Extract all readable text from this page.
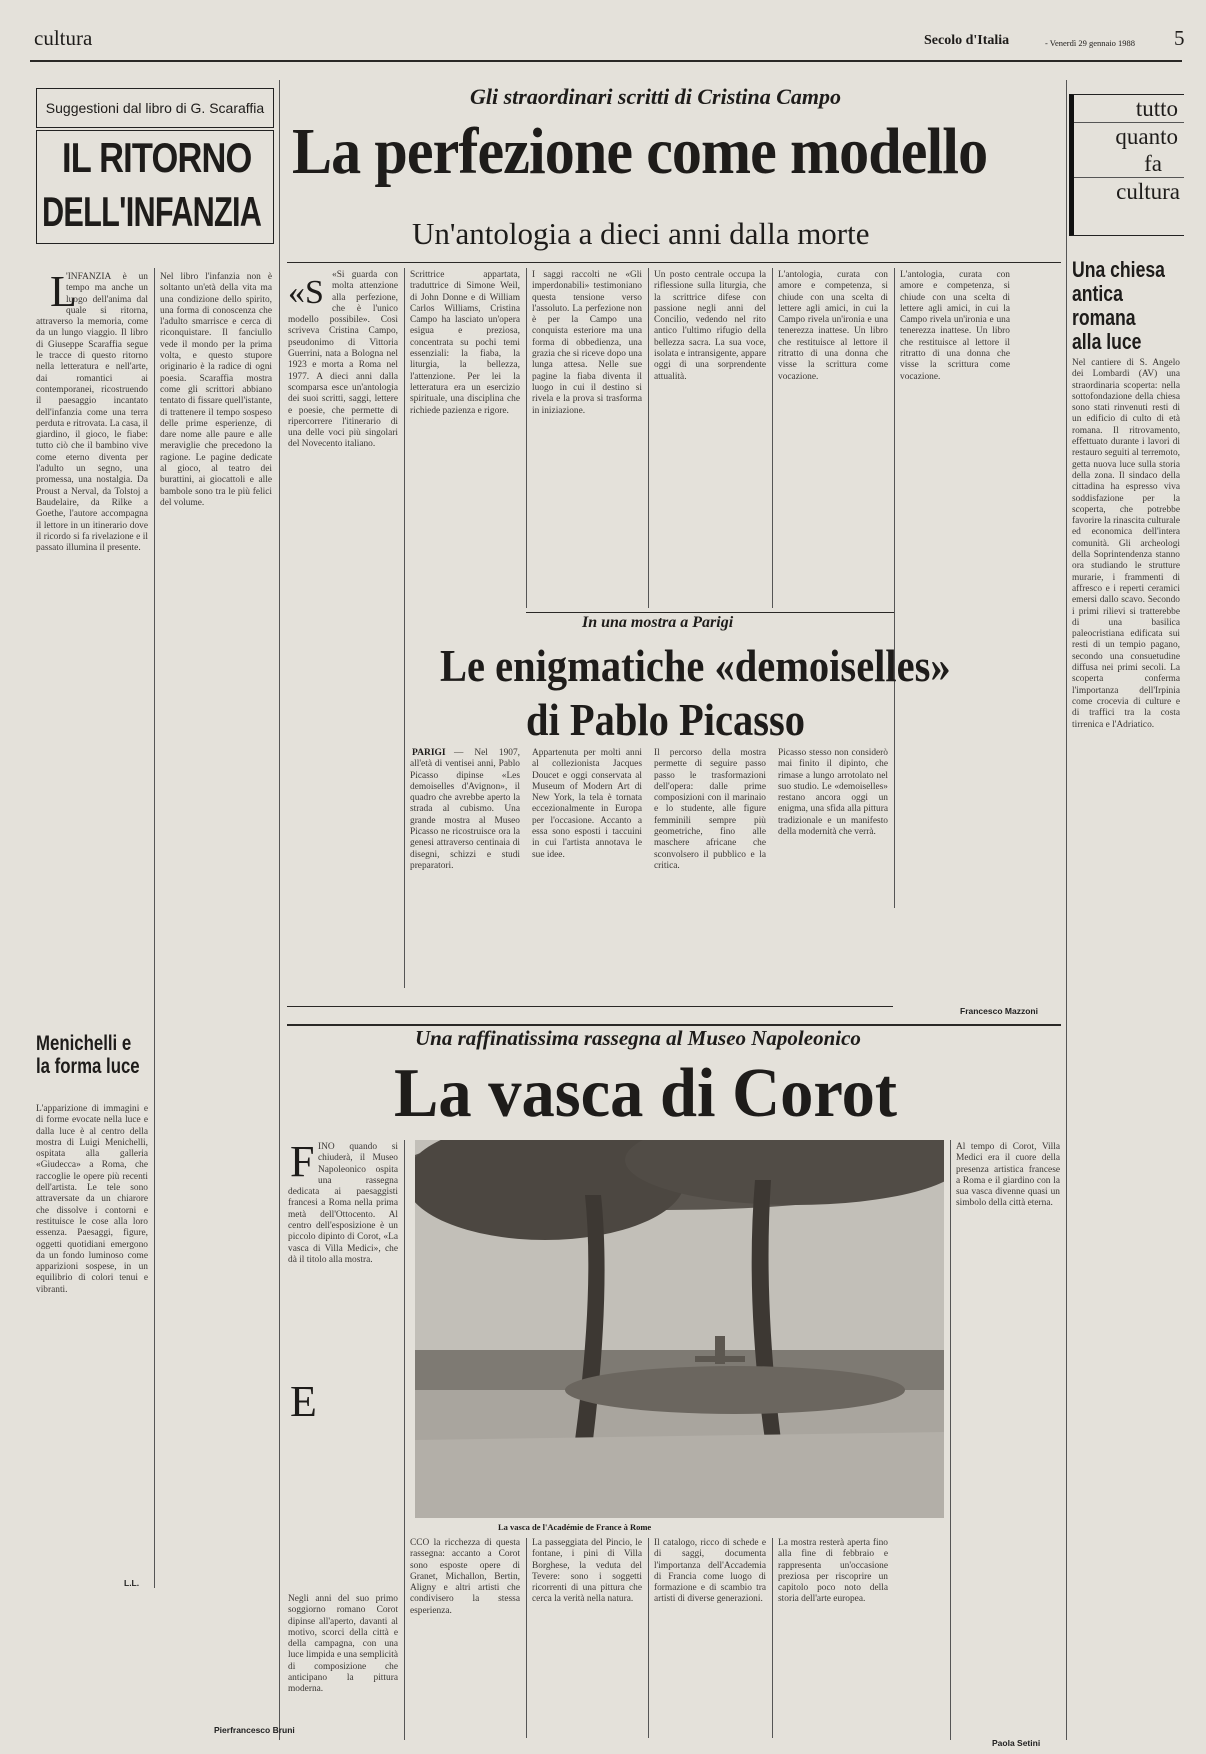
cultura	Secolo d'Italia	- Venerdì 29 gennaio 1988 5
Suggestioni dal libro di G. Scaraffia
IL RITORNO
DELL'INFANZIA
L
'INFANZIA è un tempo ma anche un luogo dell'anima dal quale si ritorna, attraverso la memoria, come da un lungo viaggio. Il libro di Giuseppe Scaraffia segue le tracce di questo ritorno nella letteratura e nell'arte, dai romantici ai contemporanei, ricostruendo il paesaggio incantato dell'infanzia come una terra perduta e ritrovata. La casa, il giardino, il gioco, le fiabe: tutto ciò che il bambino vive come eterno diventa per l'adulto un segno, una promessa, una nostalgia. Da Proust a Nerval, da Tolstoj a Baudelaire, da Rilke a Goethe, l'autore accompagna il lettore in un itinerario dove il ricordo si fa rivelazione e il passato illumina il presente.
Nel libro l'infanzia non è soltanto un'età della vita ma una condizione dello spirito, una forma di conoscenza che l'adulto smarrisce e cerca di riconquistare. Il fanciullo vede il mondo per la prima volta, e questo stupore originario è la radice di ogni poesia. Scaraffia mostra come gli scrittori abbiano tentato di fissare quell'istante, di trattenere il tempo sospeso delle prime esperienze, di dare nome alle paure e alle meraviglie che precedono la ragione. Le pagine dedicate al gioco, al teatro dei burattini, ai giocattoli e alle bambole sono tra le più felici del volume.
Menichelli e la forma luce
L'apparizione di immagini e di forme evocate nella luce e dalla luce è al centro della mostra di Luigi Menichelli, ospitata alla galleria «Giudecca» a Roma, che raccoglie le opere più recenti dell'artista. Le tele sono attraversate da un chiarore che dissolve i contorni e restituisce le cose alla loro essenza. Paesaggi, figure, oggetti quotidiani emergono da un fondo luminoso come apparizioni sospese, in un equilibrio di colori tenui e vibranti.
L.L.
Gli straordinari scritti di Cristina Campo
La perfezione come modello
Un'antologia a dieci anni dalla morte
«S «Si guarda con molta attenzione alla perfezione, che è l'unico modello possibile». Così scriveva Cristina Campo, pseudonimo di Vittoria Guerrini, nata a Bologna nel 1923 e morta a Roma nel 1977. A dieci anni dalla scomparsa esce un'antologia dei suoi scritti, saggi, lettere e poesie, che permette di ripercorrere l'itinerario di una delle voci più singolari del Novecento italiano.
Scrittrice appartata, traduttrice di Simone Weil, di John Donne e di William Carlos Williams, Cristina Campo ha lasciato un'opera esigua e preziosa, concentrata su pochi temi essenziali: la fiaba, la liturgia, la bellezza, l'attenzione. Per lei la letteratura era un esercizio spirituale, una disciplina che richiede pazienza e rigore.
I saggi raccolti ne «Gli imperdonabili» testimoniano questa tensione verso l'assoluto. La perfezione non è per la Campo una conquista esteriore ma una forma di obbedienza, una grazia che si riceve dopo una lunga attesa. Nelle sue pagine la fiaba diventa il luogo in cui il destino si rivela e la prova si trasforma in iniziazione.
Un posto centrale occupa la riflessione sulla liturgia, che la scrittrice difese con passione negli anni del Concilio, vedendo nel rito antico l'ultimo rifugio della bellezza sacra. La sua voce, isolata e intransigente, appare oggi di una sorprendente attualità.
L'antologia, curata con amore e competenza, si chiude con una scelta di lettere agli amici, in cui la Campo rivela un'ironia e una tenerezza inattese. Un libro che restituisce al lettore il ritratto di una donna che visse la scrittura come vocazione.
L'antologia, curata con amore e competenza, si chiude con una scelta di lettere agli amici, in cui la Campo rivela un'ironia e una tenerezza inattese. Un libro che restituisce al lettore il ritratto di una donna che visse la scrittura come vocazione.
Francesco Mazzoni
tutto
quanto
fa
cultura
Una chiesa antica romana alla luce
Nel cantiere di S. Angelo dei Lombardi (AV) una straordinaria scoperta: nella sottofondazione della chiesa sono stati rinvenuti resti di un edificio di culto di età romana. Il ritrovamento, effettuato durante i lavori di restauro seguiti al terremoto, getta nuova luce sulla storia della zona. Il sindaco della cittadina ha espresso viva soddisfazione per la scoperta, che potrebbe favorire la rinascita culturale ed economica dell'intera comunità. Gli archeologi della Soprintendenza stanno ora studiando le strutture murarie, i frammenti di affresco e i reperti ceramici emersi dallo scavo. Secondo i primi rilievi si tratterebbe di una basilica paleocristiana edificata sui resti di un tempio pagano, secondo una consuetudine diffusa nei primi secoli. La scoperta conferma l'importanza dell'Irpinia come crocevia di culture e di traffici tra la costa tirrenica e l'Adriatico.
In una mostra a Parigi
Le enigmatiche «demoiselles»
di Pablo Picasso
PARIGI — Nel 1907, all'età di ventisei anni, Pablo Picasso dipinse «Les demoiselles d'Avignon», il quadro che avrebbe aperto la strada al cubismo. Una grande mostra al Museo Picasso ne ricostruisce ora la genesi attraverso centinaia di disegni, schizzi e studi preparatori.
Appartenuta per molti anni al collezionista Jacques Doucet e oggi conservata al Museum of Modern Art di New York, la tela è tornata eccezionalmente in Europa per l'occasione. Accanto a essa sono esposti i taccuini in cui l'artista annotava le sue idee.
Il percorso della mostra permette di seguire passo passo le trasformazioni dell'opera: dalle prime composizioni con il marinaio e lo studente, alle figure femminili sempre più geometriche, fino alle maschere africane che sconvolsero il pubblico e la critica.
Picasso stesso non considerò mai finito il dipinto, che rimase a lungo arrotolato nel suo studio. Le «demoiselles» restano ancora oggi un enigma, una sfida alla pittura tradizionale e un manifesto della modernità che verrà.
Una raffinatissima rassegna al Museo Napoleonico
La vasca di Corot
F INO quando si chiuderà, il Museo Napoleonico ospita una rassegna dedicata ai paesaggisti francesi a Roma nella prima metà dell'Ottocento. Al centro dell'esposizione è un piccolo dipinto di Corot, «La vasca di Villa Medici», che dà il titolo alla mostra.
Negli anni del suo primo soggiorno romano Corot dipinse all'aperto, davanti al motivo, scorci della città e della campagna, con una luce limpida e una semplicità di composizione che anticipano la pittura moderna.
E
La vasca de l'Académie de France à Rome
CCO la ricchezza di questa rassegna: accanto a Corot sono esposte opere di Granet, Michallon, Bertin, Aligny e altri artisti che condivisero la stessa esperienza.
La passeggiata del Pincio, le fontane, i pini di Villa Borghese, la veduta del Tevere: sono i soggetti ricorrenti di una pittura che cerca la verità nella natura.
Il catalogo, ricco di schede e di saggi, documenta l'importanza dell'Accademia di Francia come luogo di formazione e di scambio tra artisti di diverse generazioni.
La mostra resterà aperta fino alla fine di febbraio e rappresenta un'occasione preziosa per riscoprire un capitolo poco noto della storia dell'arte europea.
Al tempo di Corot, Villa Medici era il cuore della presenza artistica francese a Roma e il giardino con la sua vasca divenne quasi un simbolo della città eterna.
Pierfrancesco Bruni
Paola Setini
